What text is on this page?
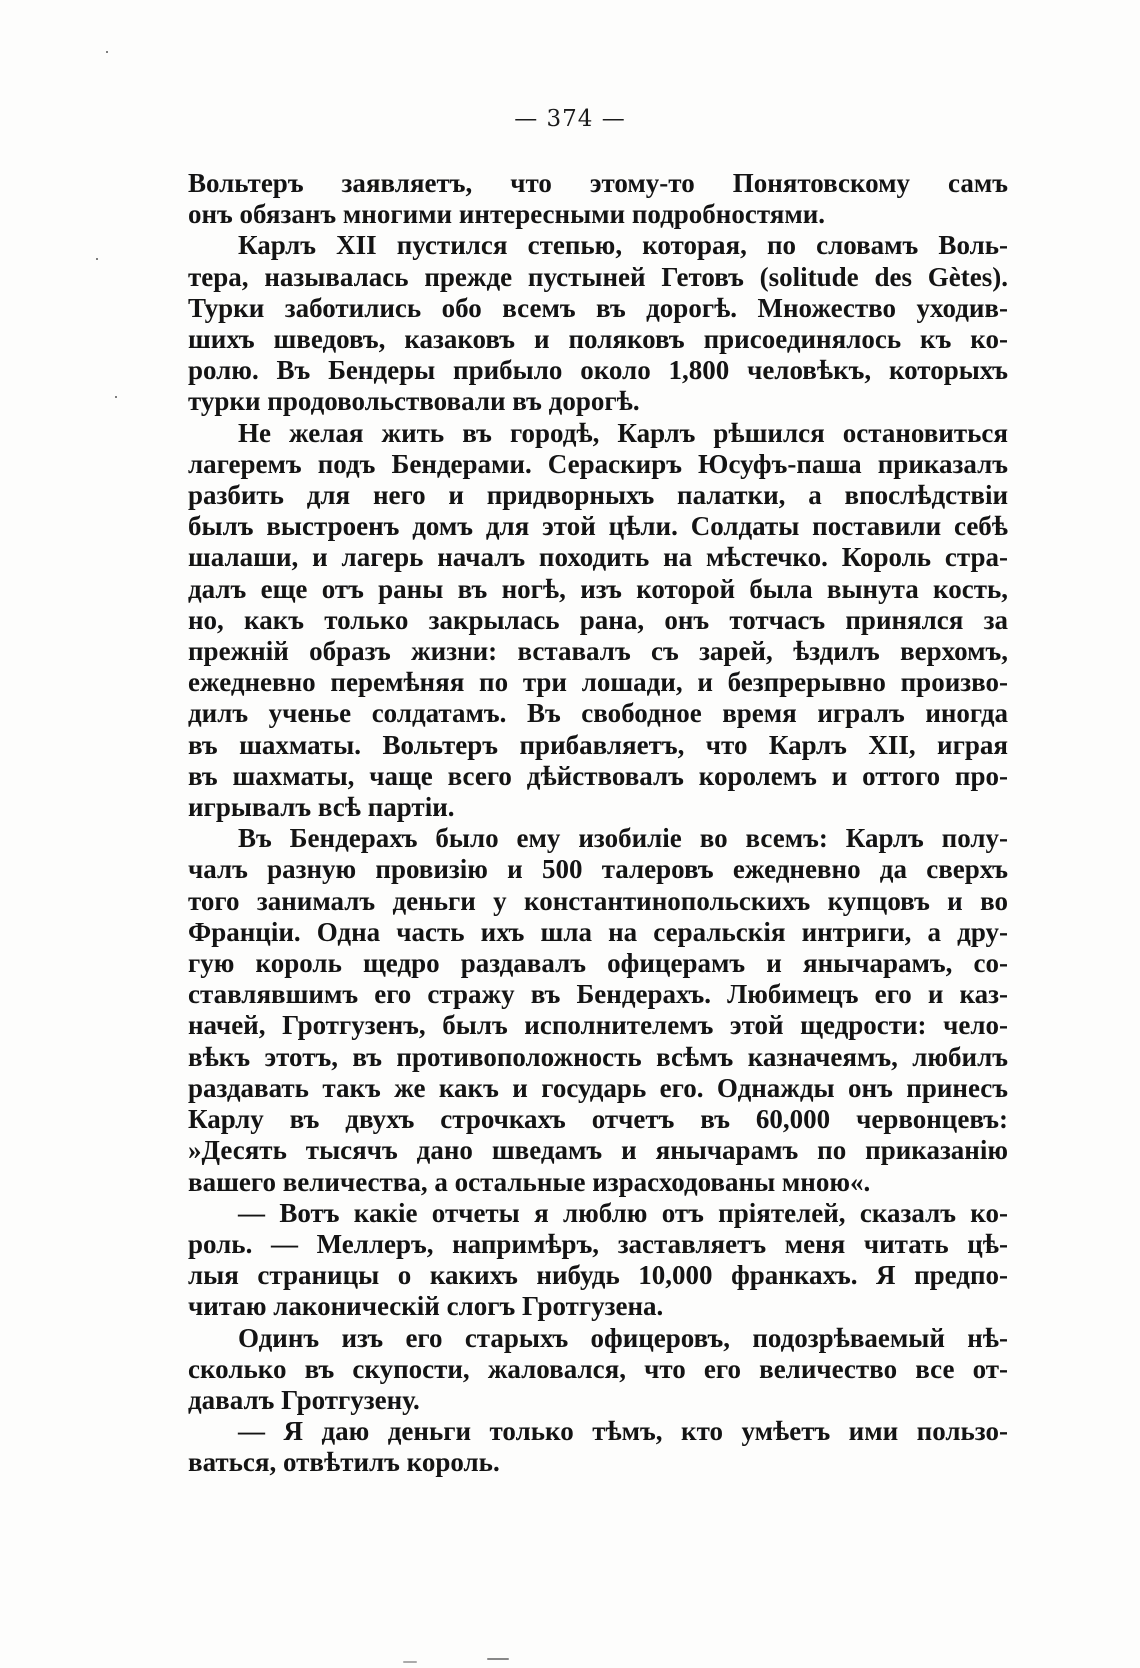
— 374 —
Вольтеръ заявляетъ, что этому-то Понятовскому самъ
онъ обязанъ многими интересными подробностями.
Карлъ XII пустился степью, которая, по словамъ Воль-
тера, называлась прежде пустыней Гетовъ (solitude des Gètes).
Турки заботились обо всемъ въ дорогѣ. Множество уходив-
шихъ шведовъ, казаковъ и поляковъ присоединялось къ ко-
ролю. Въ Бендеры прибыло около 1,800 человѣкъ, которыхъ
турки продовольствовали въ дорогѣ.
Не желая жить въ городѣ, Карлъ рѣшился остановиться
лагеремъ подъ Бендерами. Сераскиръ Юсуфъ-паша приказалъ
разбить для него и придворныхъ палатки, а впослѣдствіи
былъ выстроенъ домъ для этой цѣли. Солдаты поставили себѣ
шалаши, и лагерь началъ походить на мѣстечко. Король стра-
далъ еще отъ раны въ ногѣ, изъ которой была вынута кость,
но, какъ только закрылась рана, онъ тотчасъ принялся за
прежній образъ жизни: вставалъ съ зарей, ѣздилъ верхомъ,
ежедневно перемѣняя по три лошади, и безпрерывно произво-
дилъ ученье солдатамъ. Въ свободное время игралъ иногда
въ шахматы. Вольтеръ прибавляетъ, что Карлъ XII, играя
въ шахматы, чаще всего дѣйствовалъ королемъ и оттого про-
игрывалъ всѣ партіи.
Въ Бендерахъ было ему изобиліе во всемъ: Карлъ полу-
чалъ разную провизію и 500 талеровъ ежедневно да сверхъ
того занималъ деньги у константинопольскихъ купцовъ и во
Франціи. Одна часть ихъ шла на серальскія интриги, а дру-
гую король щедро раздавалъ офицерамъ и янычарамъ, со-
ставлявшимъ его стражу въ Бендерахъ. Любимецъ его и каз-
начей, Гротгузенъ, былъ исполнителемъ этой щедрости: чело-
вѣкъ этотъ, въ противоположность всѣмъ казначеямъ, любилъ
раздавать такъ же какъ и государь его. Однажды онъ принесъ
Карлу въ двухъ строчкахъ отчетъ въ 60,000 червонцевъ:
»Десять тысячъ дано шведамъ и янычарамъ по приказанію
вашего величества, а остальные израсходованы мною«.
— Вотъ какіе отчеты я люблю отъ пріятелей, сказалъ ко-
роль. — Меллеръ, напримѣръ, заставляетъ меня читать цѣ-
лыя страницы о какихъ нибудь 10,000 франкахъ. Я предпо-
читаю лаконическій слогъ Гротгузена.
Одинъ изъ его старыхъ офицеровъ, подозрѣваемый нѣ-
сколько въ скупости, жаловался, что его величество все от-
давалъ Гротгузену.
— Я даю деньги только тѣмъ, кто умѣетъ ими пользо-
ваться, отвѣтилъ король.
